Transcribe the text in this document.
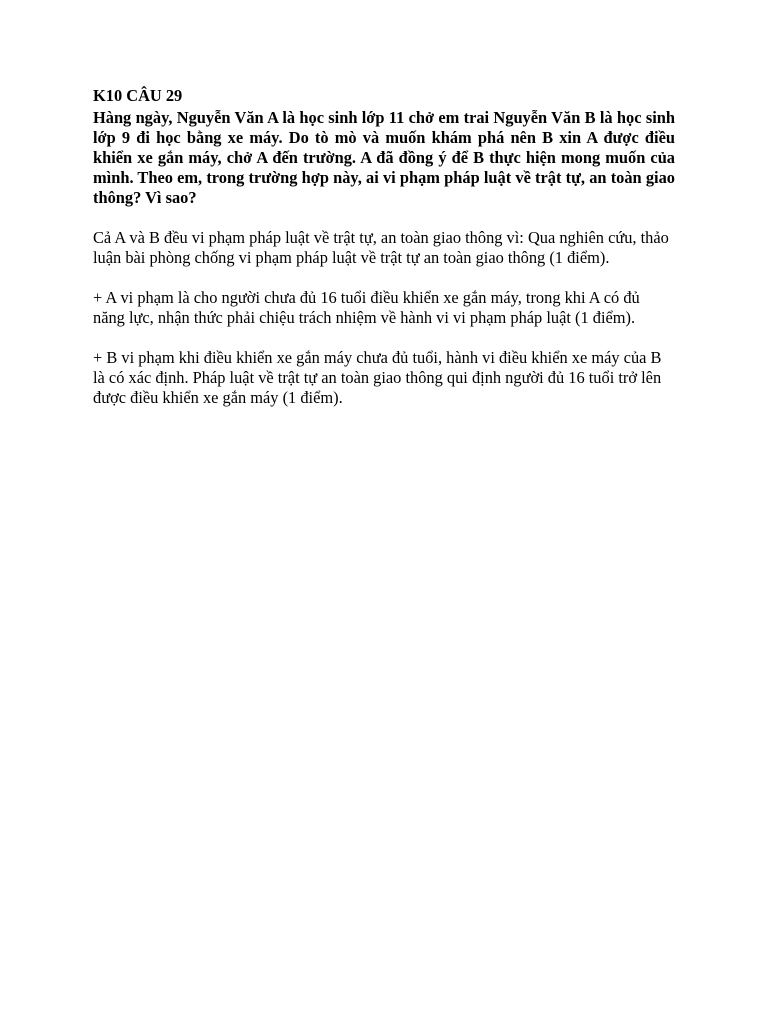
K10 CÂU 29

Hàng ngày, Nguyễn Văn A là học sinh lớp 11 chở em trai Nguyễn Văn B là học sinh lớp 9 đi học bằng xe máy. Do tò mò và muốn khám phá nên B xin A được điều khiển xe gắn máy, chở A đến trường. A đã đồng ý để B thực hiện mong muốn của mình. Theo em, trong trường hợp này, ai vi phạm pháp luật về trật tự, an toàn giao thông? Vì sao?

Cả A và B đều vi phạm pháp luật về trật tự, an toàn giao thông vì: Qua nghiên cứu, thảo luận bài phòng chống vi phạm pháp luật về trật tự an toàn giao thông (1 điểm).

+ A vi phạm là cho người chưa đủ 16 tuổi điều khiển xe gắn máy, trong khi A có đủ năng lực, nhận thức phải chiệu trách nhiệm về hành vi vi phạm pháp luật (1 điểm).

+ B vi phạm khi điều khiển xe gắn máy chưa đủ tuổi, hành vi điều khiển xe máy của B là có xác định. Pháp luật về trật tự an toàn giao thông qui định người đủ 16 tuổi trở lên được điều khiển xe gắn máy (1 điểm).
